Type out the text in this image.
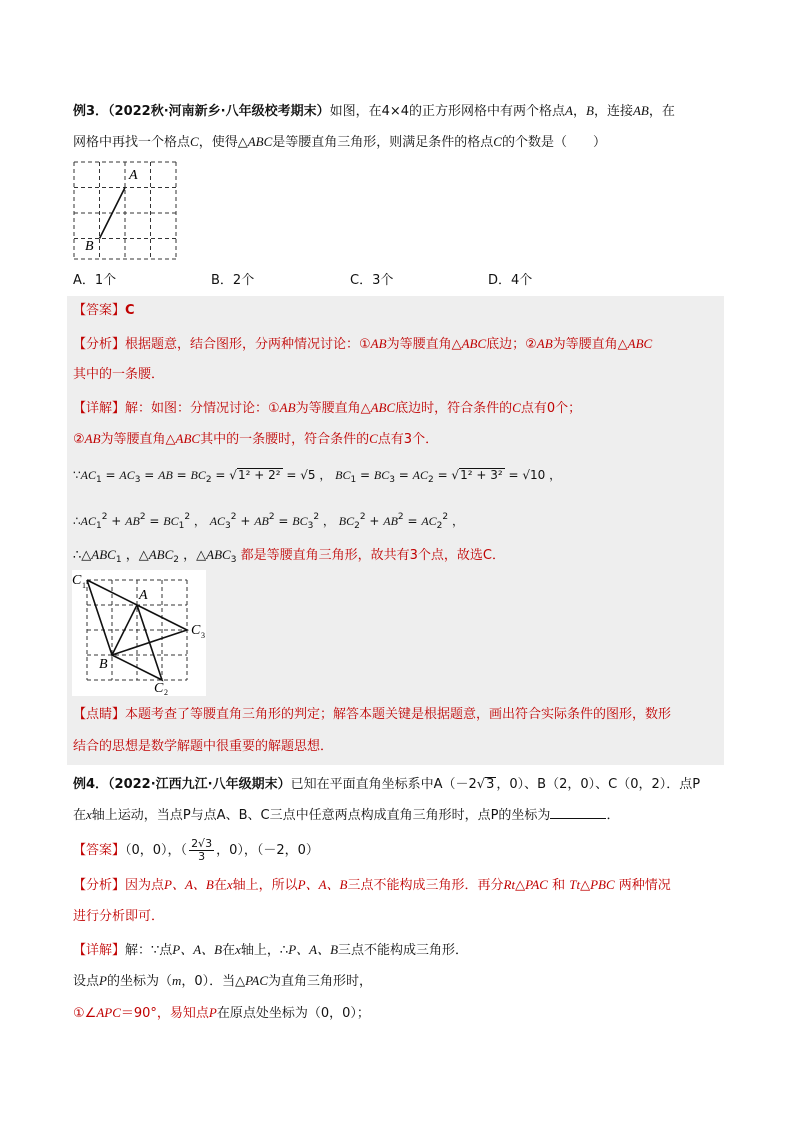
例3．（2022秋·河南新乡·八年级校考期末）如图，在4×4的正方形网格中有两个格点A，B，连接AB，在
网格中再找一个格点C，使得△ABC是等腰直角三角形，则满足条件的格点C的个数是（　　）
A
B
A．1个	B．2个	C．3个	D．4个
【答案】C
【分析】根据题意，结合图形，分两种情况讨论：①AB为等腰直角△ABC底边；②AB为等腰直角△ABC
其中的一条腰．
【详解】解：如图：分情况讨论：①AB为等腰直角△ABC底边时，符合条件的C点有0个；
②AB为等腰直角△ABC其中的一条腰时，符合条件的C点有3个．
$\because AC_1 = AC_3$ = AB = $BC_2 = √1^2 + 2^2 = √5$ ， $BC_1 = BC_3 = AC_2 = √1^2 + 3^2 = √10$ ，
$\therefore AC_1^2 + AB^2 = BC_1^2$ ， $AC_3^2 + AB^2 = BC_3^2$ ， $BC_2^2 + AB^2 = AC_2^2$ ，
$\therefore\triangle ABC_1$ ，$\triangle ABC_2$ ，$\triangle ABC_3$ 都是等腰直角三角形，故共有3个点，故选C．
C 1
A
C 3
B
C 2
【点睛】本题考查了等腰直角三角形的判定；解答本题关键是根据题意，画出符合实际条件的图形，数形
结合的思想是数学解题中很重要的解题思想．
例4．（2022·江西九江·八年级期末）已知在平面直角坐标系中A（－2√3 ，0）、B（2，0）、C（0，2）．点P
在x轴上运动，当点P与点A、B、C三点中任意两点构成直角三角形时，点P的坐标为	．
【答案】（0，0），（ $\frac{2√3}{3}$ ，0），（－2，0）
【分析】因为点P、A、B在x轴上，所以P、A、B三点不能构成三角形．再分Rt△PAC 和 Tt△PBC 两种情况
进行分析即可．
【详解】解：∵点P、A、B在x轴上，∴P、A、B三点不能构成三角形．
设点P的坐标为（m，0）．当△PAC为直角三角形时，
①∠APC＝90°，易知点P在原点处坐标为（0，0）；
